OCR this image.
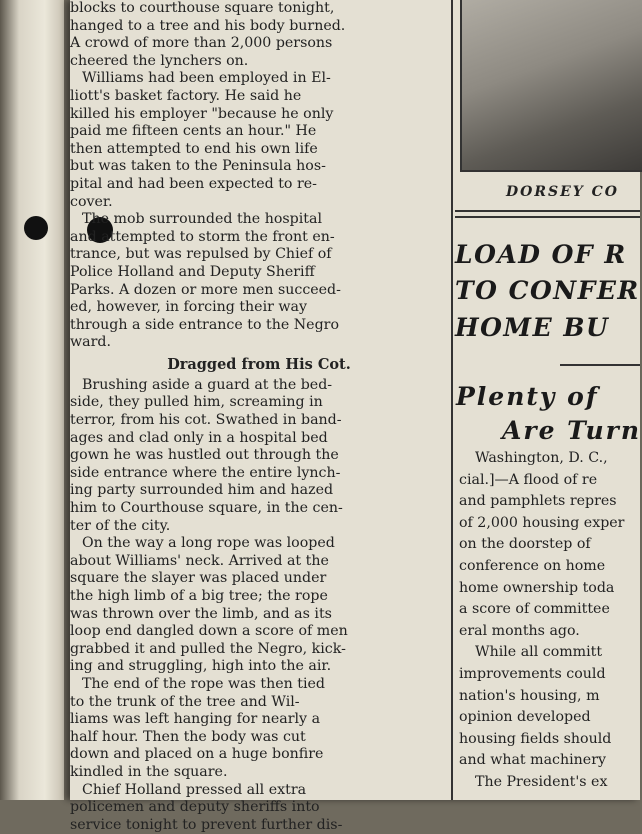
blocks to courthouse square tonight,

hanged to a tree and his body burned.

A crowd of more than 2,000 persons

cheered the lynchers on.

Williams had been employed in El-

liott's basket factory. He said he

killed his employer "because he only

paid me fifteen cents an hour." He

then attempted to end his own life

but was taken to the Peninsula hos-

pital and had been expected to re-

cover.

The mob surrounded the hospital

and attempted to storm the front en-

trance, but was repulsed by Chief of

Police Holland and Deputy Sheriff

Parks. A dozen or more men succeed-

ed, however, in forcing their way

through a side entrance to the Negro

ward.

Dragged from His Cot.

Brushing aside a guard at the bed-

side, they pulled him, screaming in

terror, from his cot. Swathed in band-

ages and clad only in a hospital bed

gown he was hustled out through the

side entrance where the entire lynch-

ing party surrounded him and hazed

him to Courthouse square, in the cen-

ter of the city.

On the way a long rope was looped

about Williams' neck. Arrived at the

square the slayer was placed under

the high limb of a big tree; the rope

was thrown over the limb, and as its

loop end dangled down a score of men

grabbed it and pulled the Negro, kick-

ing and struggling, high into the air.

The end of the rope was then tied

to the trunk of the tree and Wil-

liams was left hanging for nearly a

half hour. Then the body was cut

down and placed on a huge bonfire

kindled in the square.

Chief Holland pressed all extra

policemen and deputy sheriffs into

service tonight to prevent further dis-

DORSEY CO
LOAD OF R
TO CONFER
HOME BU
Plenty of
Are Turn

Washington, D. C.,

cial.]—A flood of re

and pamphlets repres

of 2,000 housing exper

on the doorstep of

conference on home

home ownership toda

a score of committee

eral months ago.

While all committ

improvements could

nation's housing, m

opinion developed

housing fields should

and what machinery

The President's ex
